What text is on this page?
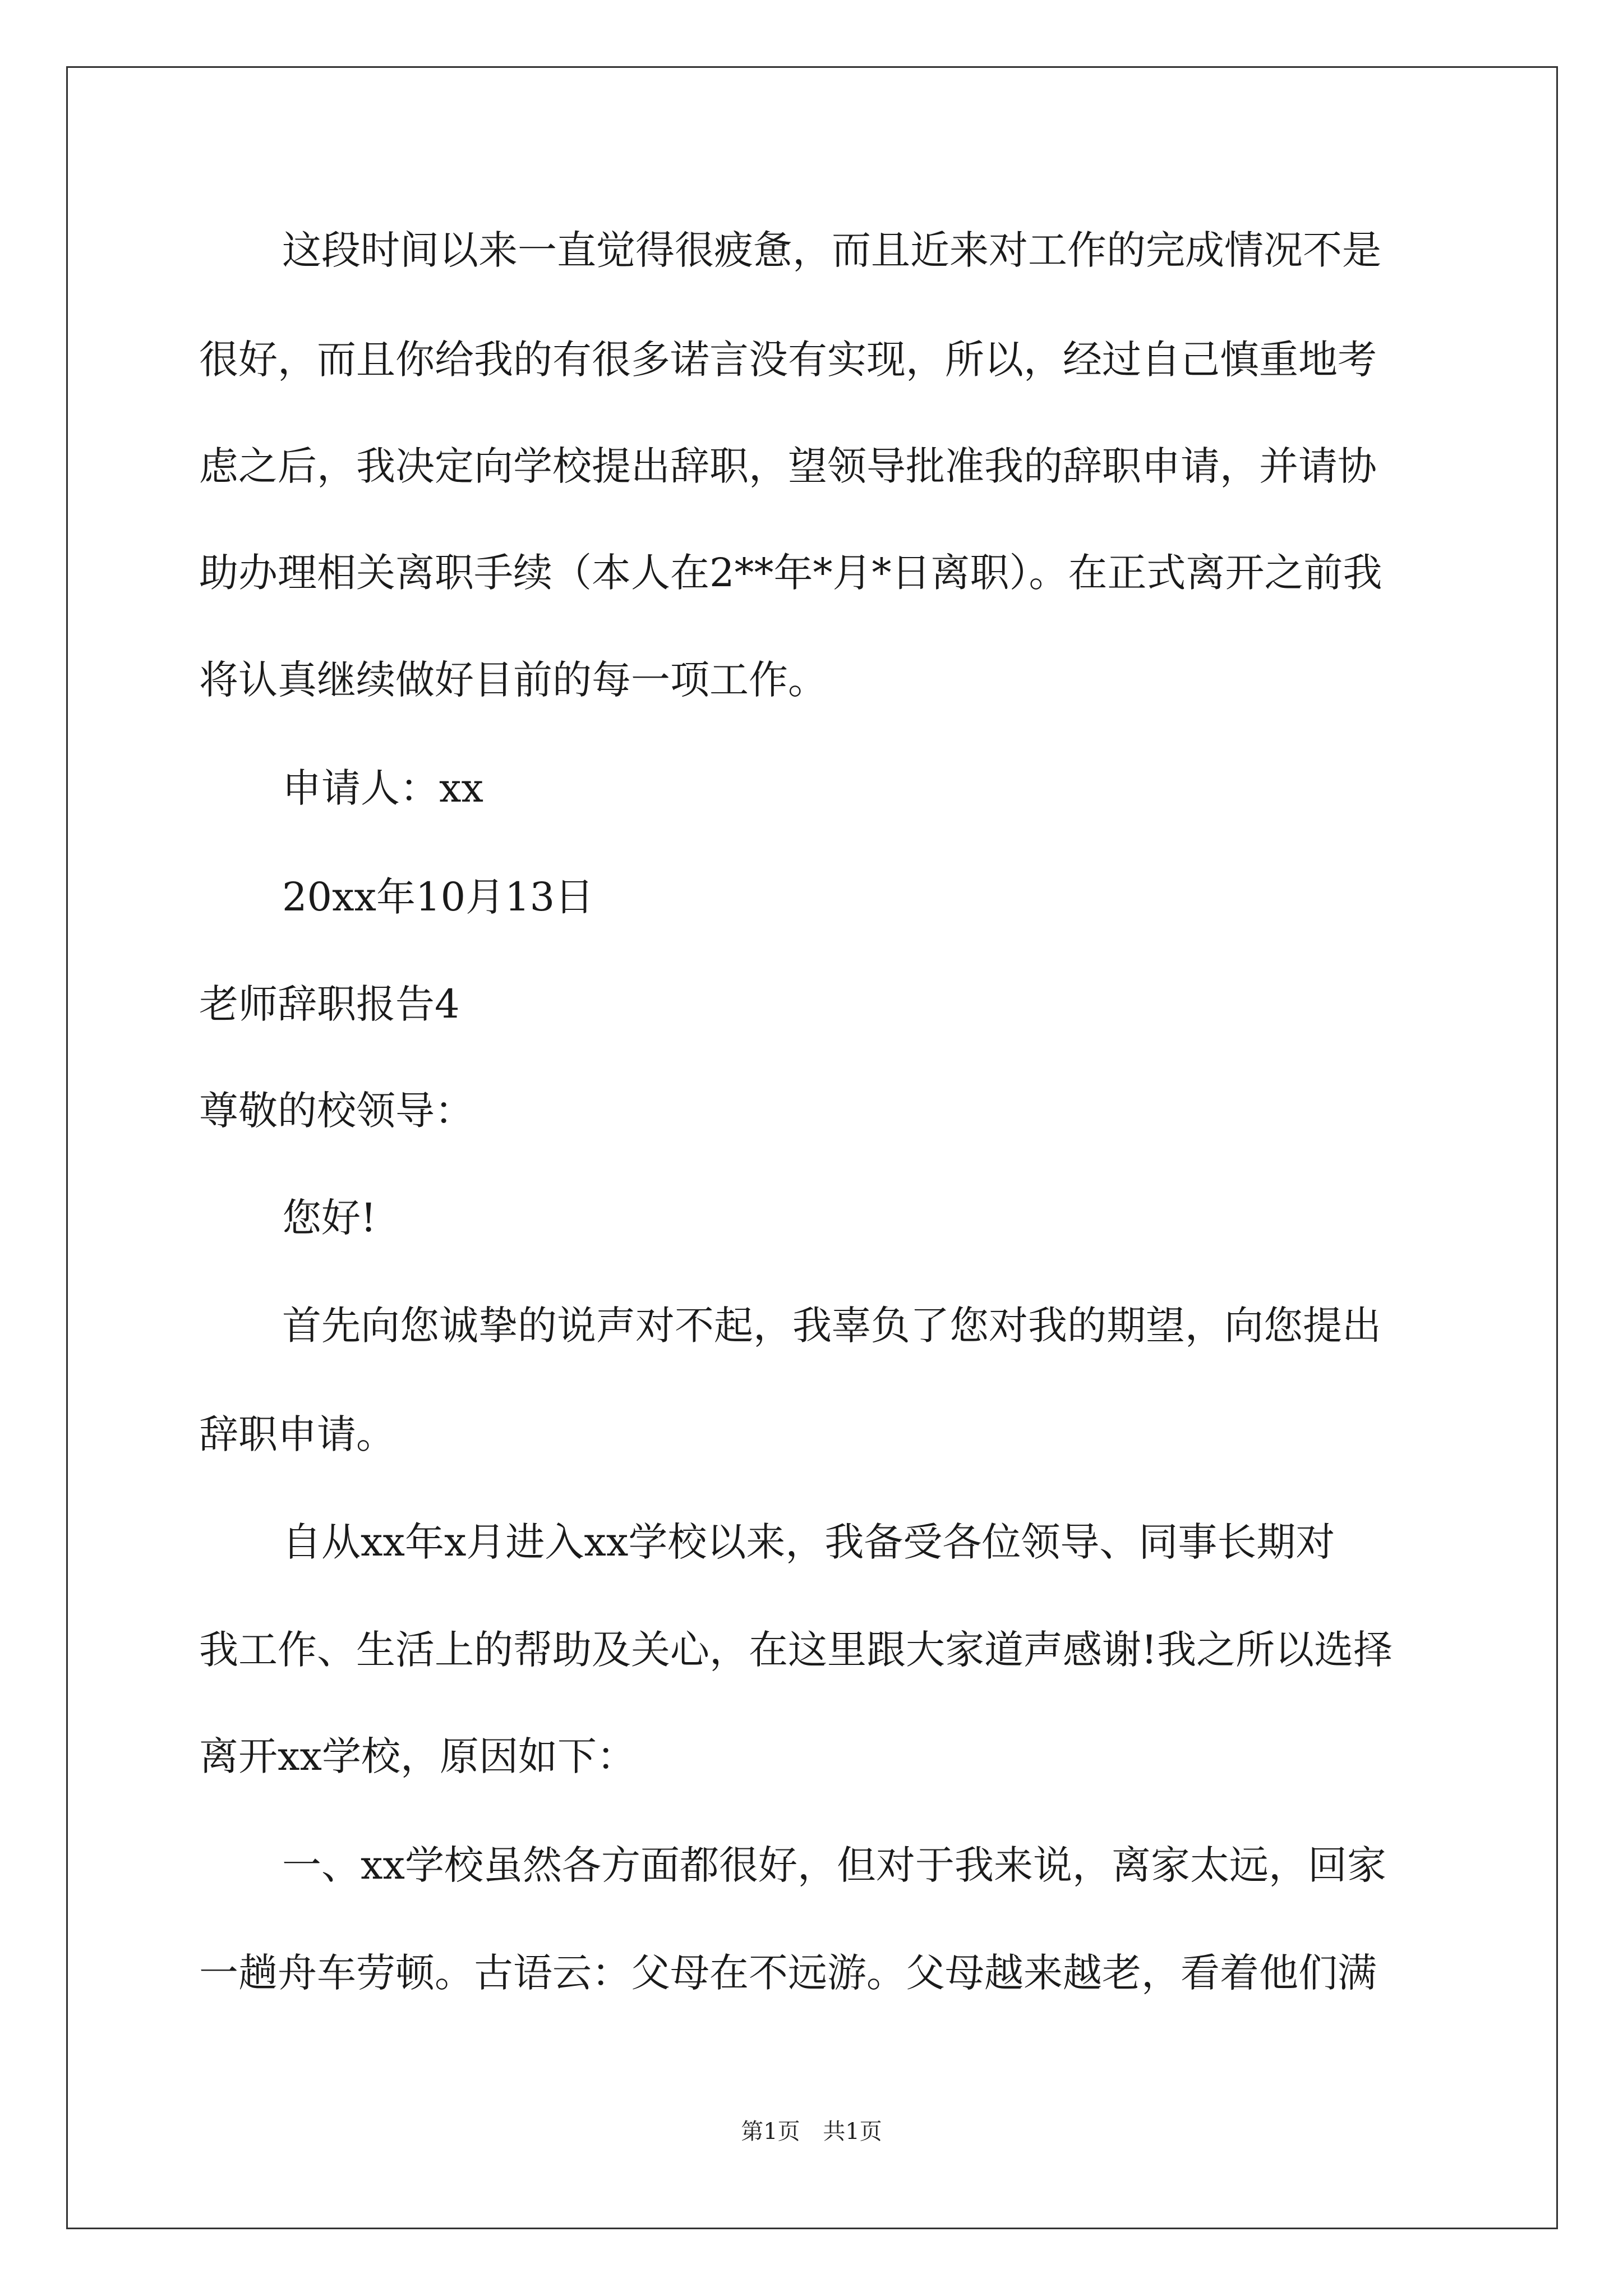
这段时间以来一直觉得很疲惫，而且近来对工作的完成情况不是
很好，而且你给我的有很多诺言没有实现，所以，经过自己慎重地考
虑之后，我决定向学校提出辞职，望领导批准我的辞职申请，并请协
助办理相关离职手续（本人在2**年*月*日离职）。在正式离开之前我
将认真继续做好目前的每一项工作。
申请人：xx
20xx年10月13日
老师辞职报告4
尊敬的校领导：
您好!
首先向您诚挚的说声对不起，我辜负了您对我的期望，向您提出
辞职申请。
自从xx年x月进入xx学校以来，我备受各位领导、同事长期对
我工作、生活上的帮助及关心，在这里跟大家道声感谢!我之所以选择
离开xx学校，原因如下：
一、xx学校虽然各方面都很好，但对于我来说，离家太远，回家
一趟舟车劳顿。古语云：父母在不远游。父母越来越老，看着他们满
第1页 共1页
